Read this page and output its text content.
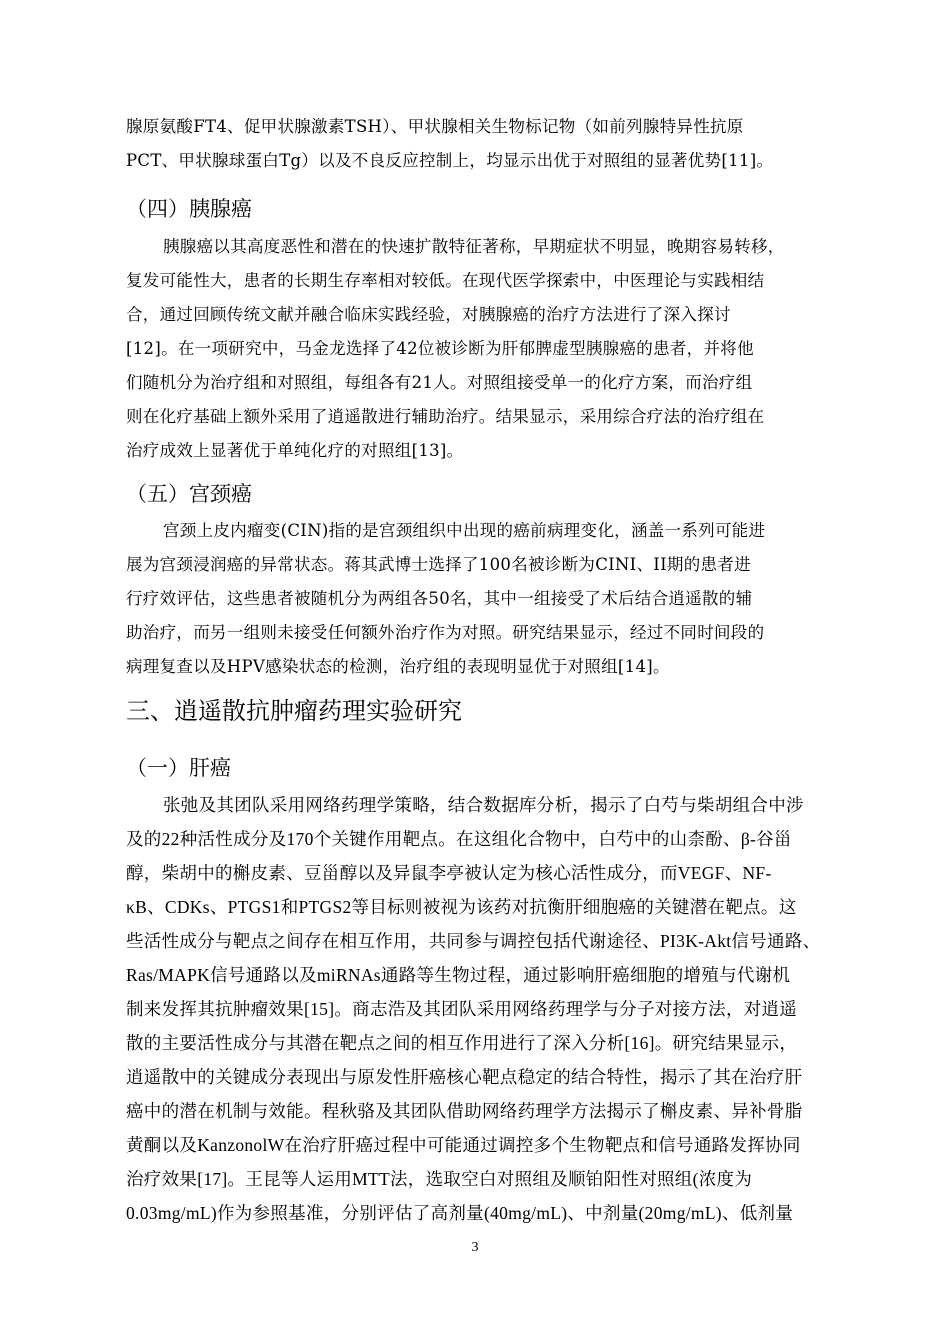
腺原氨酸FT4、促甲状腺激素TSH）、甲状腺相关生物标记物（如前列腺特异性抗原
PCT、甲状腺球蛋白Tg）以及不良反应控制上，均显示出优于对照组的显著优势[11]。
（四）胰腺癌
胰腺癌以其高度恶性和潜在的快速扩散特征著称，早期症状不明显，晚期容易转移，
复发可能性大，患者的长期生存率相对较低。在现代医学探索中，中医理论与实践相结
合，通过回顾传统文献并融合临床实践经验，对胰腺癌的治疗方法进行了深入探讨
[12]。在一项研究中，马金龙选择了42位被诊断为肝郁脾虚型胰腺癌的患者，并将他
们随机分为治疗组和对照组，每组各有21人。对照组接受单一的化疗方案，而治疗组
则在化疗基础上额外采用了逍遥散进行辅助治疗。结果显示，采用综合疗法的治疗组在
治疗成效上显著优于单纯化疗的对照组[13]。
（五）宫颈癌
宫颈上皮内瘤变(CIN)指的是宫颈组织中出现的癌前病理变化，涵盖一系列可能进
展为宫颈浸润癌的异常状态。蒋其武博士选择了100名被诊断为CINI、II期的患者进
行疗效评估，这些患者被随机分为两组各50名，其中一组接受了术后结合逍遥散的辅
助治疗，而另一组则未接受任何额外治疗作为对照。研究结果显示，经过不同时间段的
病理复查以及HPV感染状态的检测，治疗组的表现明显优于对照组[14]。
三、逍遥散抗肿瘤药理实验研究
（一）肝癌
张弛及其团队采用网络药理学策略，结合数据库分析，揭示了白芍与柴胡组合中涉
及的22种活性成分及170个关键作用靶点。在这组化合物中，白芍中的山柰酚、β-谷甾
醇，柴胡中的槲皮素、豆甾醇以及异鼠李亭被认定为核心活性成分，而VEGF、NF-
κB、CDKs、PTGS1和PTGS2等目标则被视为该药对抗衡肝细胞癌的关键潜在靶点。这
些活性成分与靶点之间存在相互作用，共同参与调控包括代谢途径、PI3K-Akt信号通路、
Ras/MAPK信号通路以及miRNAs通路等生物过程，通过影响肝癌细胞的增殖与代谢机
制来发挥其抗肿瘤效果[15]。商志浩及其团队采用网络药理学与分子对接方法，对逍遥
散的主要活性成分与其潜在靶点之间的相互作用进行了深入分析[16]。研究结果显示，
逍遥散中的关键成分表现出与原发性肝癌核心靶点稳定的结合特性，揭示了其在治疗肝
癌中的潜在机制与效能。程秋骆及其团队借助网络药理学方法揭示了槲皮素、异补骨脂
黄酮以及KanzonolW在治疗肝癌过程中可能通过调控多个生物靶点和信号通路发挥协同
治疗效果[17]。王昆等人运用MTT法，选取空白对照组及顺铂阳性对照组(浓度为
0.03mg/mL)作为参照基准，分别评估了高剂量(40mg/mL)、中剂量(20mg/mL)、低剂量
3
